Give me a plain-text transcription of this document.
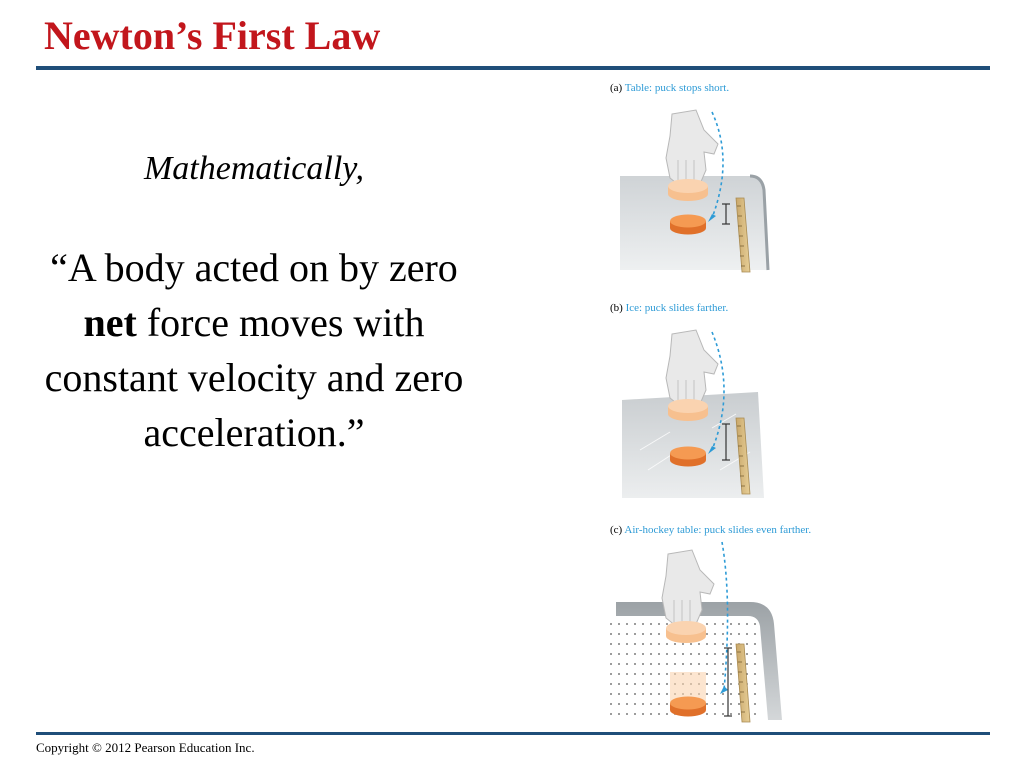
Newton’s First Law
Mathematically,
“A body acted on by zero net force moves with constant velocity and zero acceleration.”
(a) Table: puck stops short.
(b) Ice: puck slides farther.
(c) Air-hockey table: puck slides even farther.
Copyright © 2012 Pearson Education Inc.
